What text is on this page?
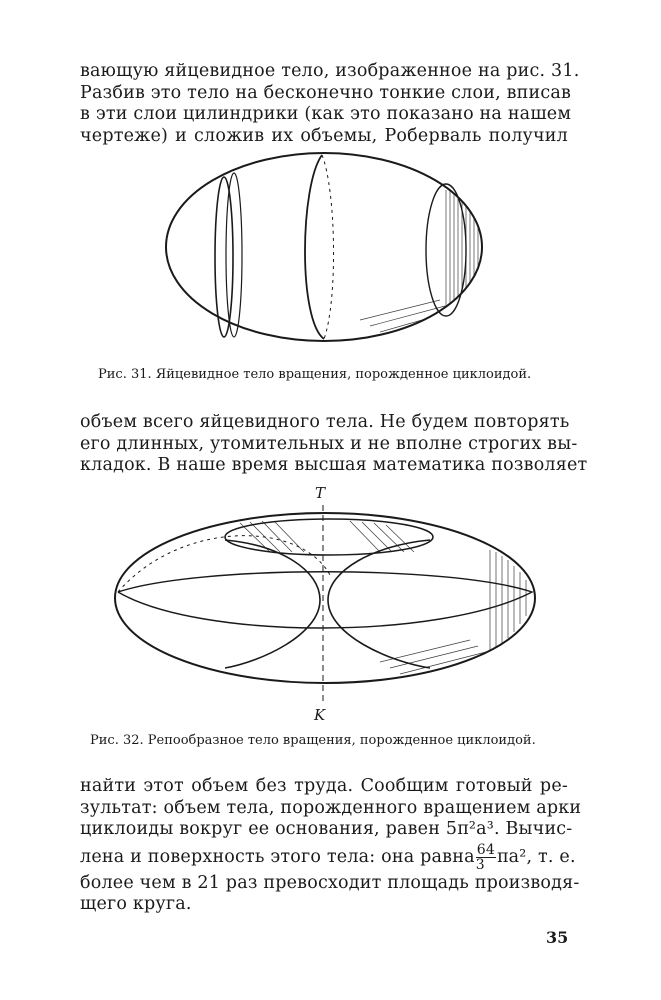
вающую яйцевидное тело, изображенное на рис. 31.
Разбив это тело на бесконечно тонкие слои, вписав
в эти слои цилиндрики (как это показано на нашем
чертеже) и сложив их объемы, Роберваль получил
Рис. 31. Яйцевидное тело вращения, порожденное циклоидой.
объем всего яйцевидного тела. Не будем повторять
его длинных, утомительных и не вполне строгих вы-
кладок. В наше время высшая математика позволяет
T
K
Рис. 32. Репообразное тело вращения, порожденное циклоидой.
найти этот объем без труда. Сообщим готовый ре-
зультат: объем тела, порожденного вращением арки
циклоиды вокруг ее основания, равен 5π²a³. Вычис-
лена и поверхность этого тела: она равна $\frac{64}{3} \pi a^2$, т. е.
более чем в 21 раз превосходит площадь производя-
щего круга.
35
